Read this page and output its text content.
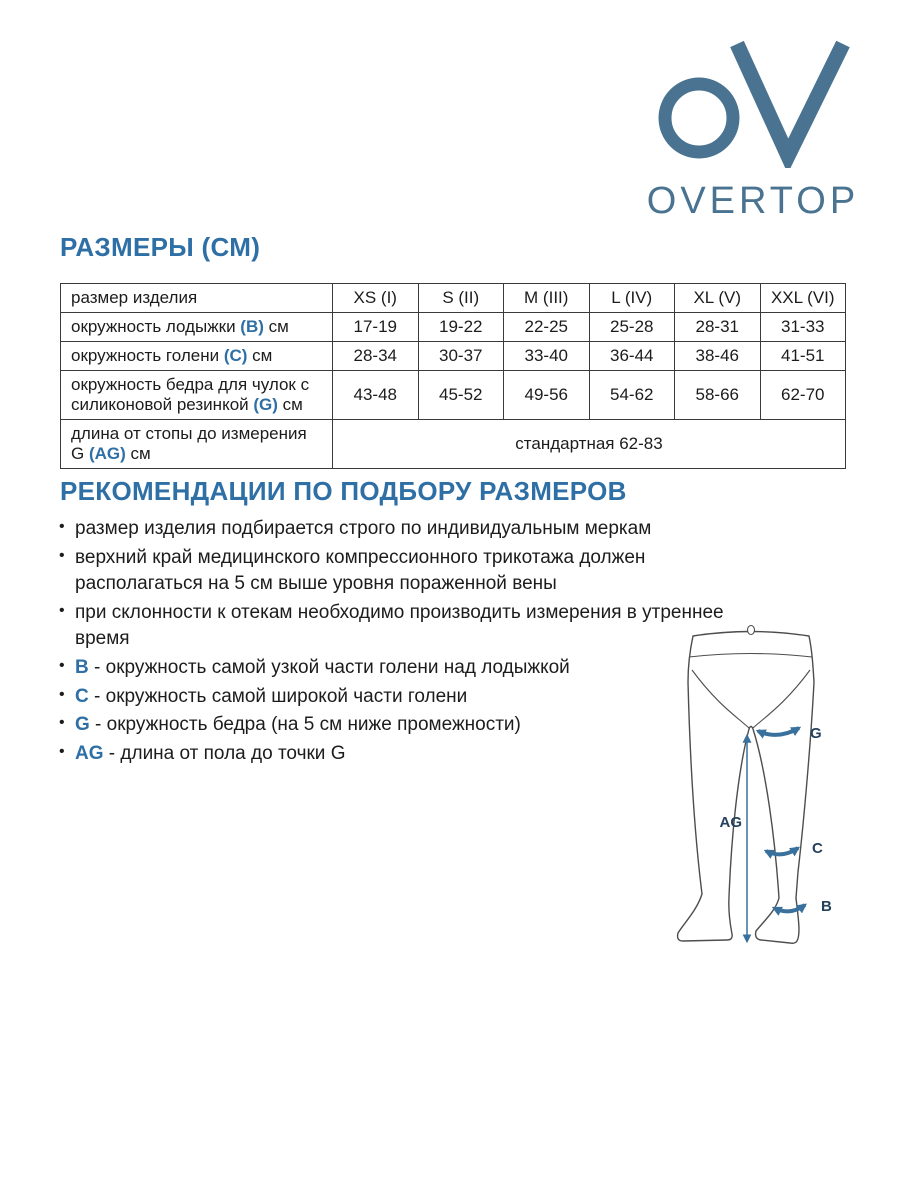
OVERTOP
РАЗМЕРЫ (СМ)
размер изделия	XS (I)	S (II)	M (III)	L (IV)	XL (V)	XXL (VI)
окружность лодыжки (B) см	17-19	19-22	22-25	25-28	28-31	31-33
окружность голени (C) см	28-34	30-37	33-40	36-44	38-46	41-51
окружность бедра для чулок с силиконовой резинкой (G) см	43-48	45-52	49-56	54-62	58-66	62-70

длина от стопы до измерения
G (AG) см	стандартная 62-83					
РЕКОМЕНДАЦИИ ПО ПОДБОРУ РАЗМЕРОВ
• размер изделия подбирается строго по индивидуальным меркам
• верхний край медицинского компрессионного трикотажа должен располагаться на 5 см выше уровня пораженной вены
• при склонности к отекам необходимо производить измерения в утреннее время
• B - окружность самой узкой части голени над лодыжкой
• C - окружность самой широкой части голени
• G - окружность бедра (на 5 см ниже промежности)
• AG - длина от пола до точки G
G
AG
C
B
